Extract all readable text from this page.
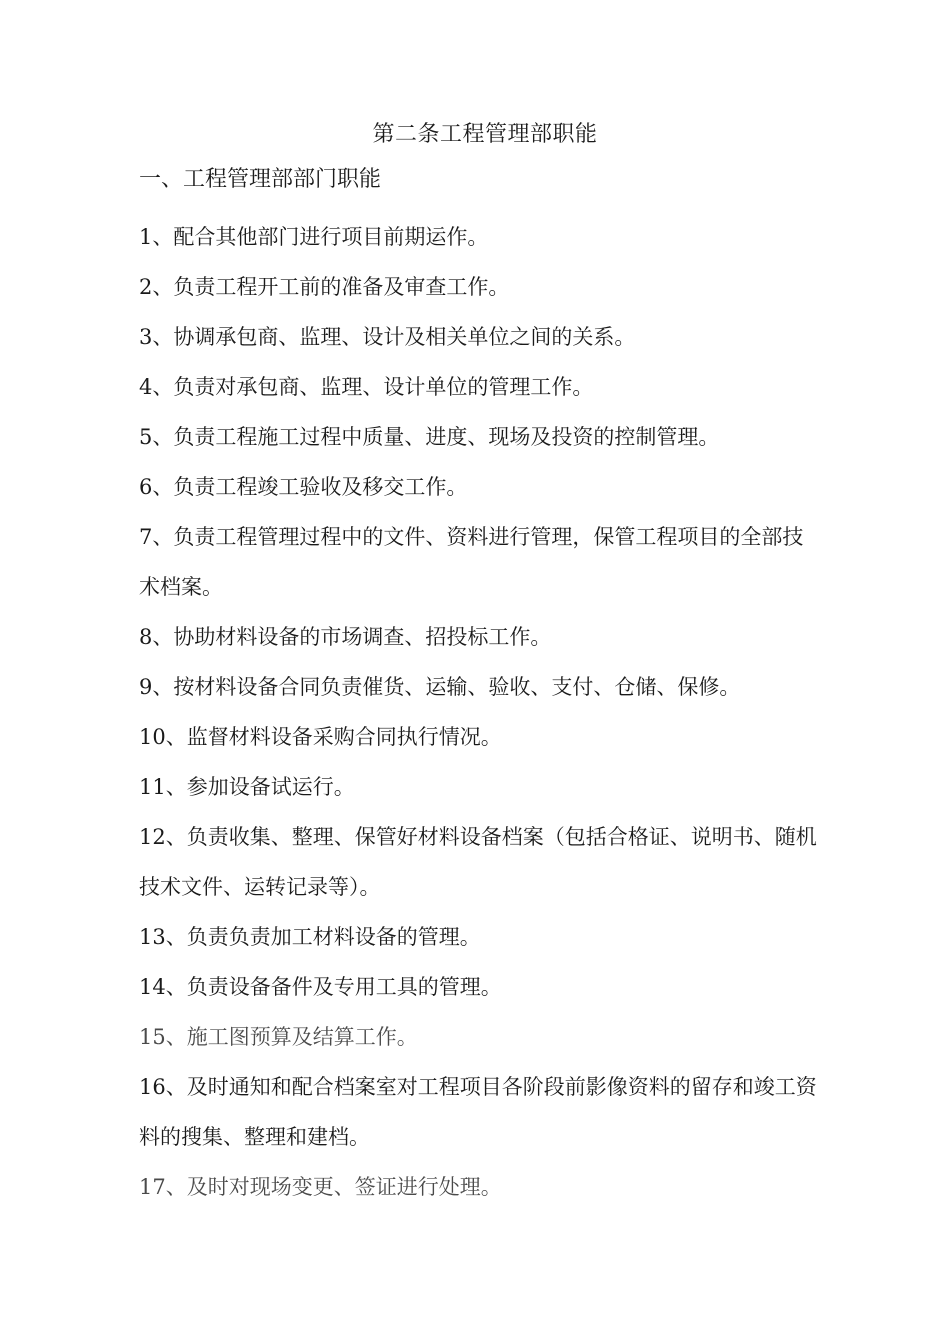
第二条工程管理部职能
一、工程管理部部门职能
1、配合其他部门进行项目前期运作。
2、负责工程开工前的准备及审查工作。
3、协调承包商、监理、设计及相关单位之间的关系。
4、负责对承包商、监理、设计单位的管理工作。
5、负责工程施工过程中质量、进度、现场及投资的控制管理。
6、负责工程竣工验收及移交工作。
7、负责工程管理过程中的文件、资料进行管理，保管工程项目的全部技术档案。
8、协助材料设备的市场调查、招投标工作。
9、按材料设备合同负责催货、运输、验收、支付、仓储、保修。
10、监督材料设备采购合同执行情况。
11、参加设备试运行。
12、负责收集、整理、保管好材料设备档案（包括合格证、说明书、随机技术文件、运转记录等）。
13、负责负责加工材料设备的管理。
14、负责设备备件及专用工具的管理。
15、施工图预算及结算工作。
16、及时通知和配合档案室对工程项目各阶段前影像资料的留存和竣工资料的搜集、整理和建档。
17、及时对现场变更、签证进行处理。
